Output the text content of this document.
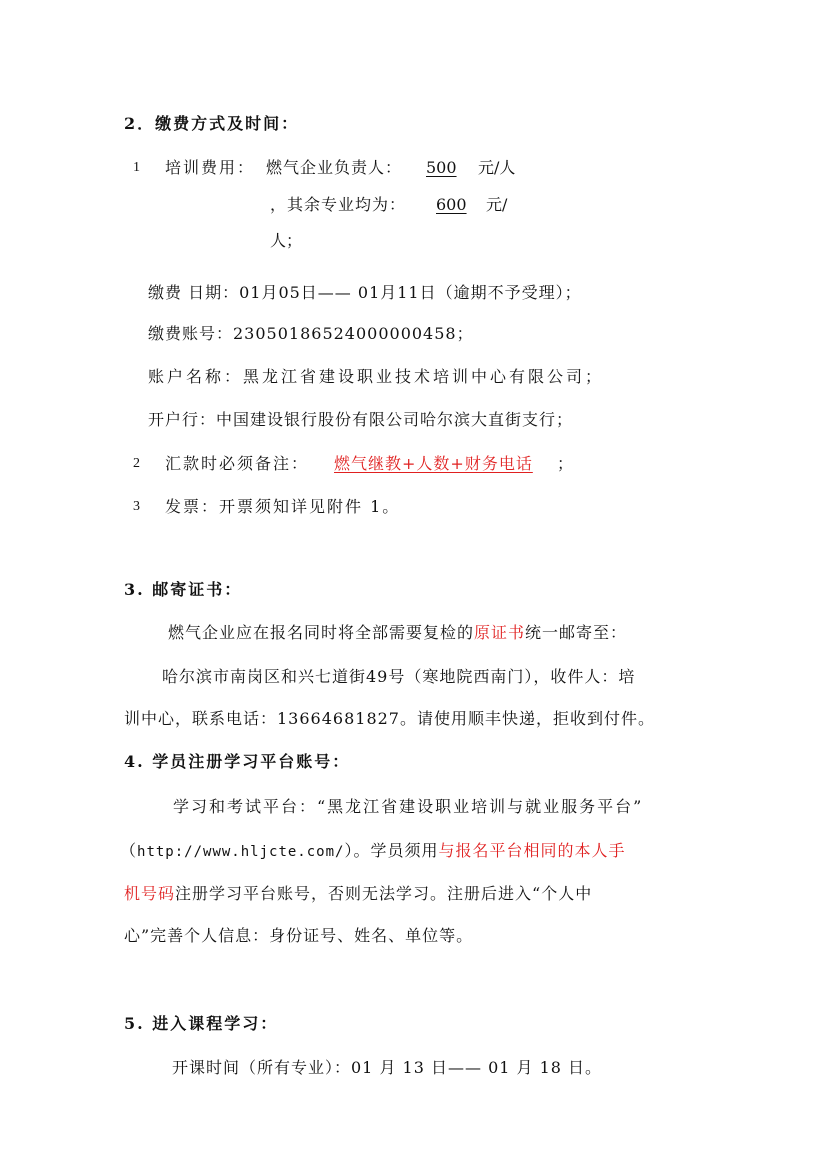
2．缴费方式及时间：
1 培训费用： 燃气企业负责人： 500 元/人
，其余专业均为： 600 元/
人；
缴费 日期：01月05日—— 01月11日（逾期不予受理）；
缴费账号：23050186524000000458；
账户名称：黑龙江省建设职业技术培训中心有限公司；
开户行：中国建设银行股份有限公司哈尔滨大直街支行；
2 汇款时必须备注： 燃气继教+人数+财务电话 ；
3 发票：开票须知详见附件 1。
3. 邮寄证书：
燃气企业应在报名同时将全部需要复检的原证书统一邮寄至：
哈尔滨市南岗区和兴七道街49号（寒地院西南门），收件人：培
训中心，联系电话：13664681827。请使用顺丰快递，拒收到付件。
4. 学员注册学习平台账号：
学习和考试平台：“黑龙江省建设职业培训与就业服务平台”
（http://www.hljcte.com/）。学员须用与报名平台相同的本人手
机号码注册学习平台账号，否则无法学习。注册后进入“个人中
心”完善个人信息：身份证号、姓名、单位等。
5. 进入课程学习：
开课时间（所有专业）：01 月 13 日—— 01 月 18 日。
